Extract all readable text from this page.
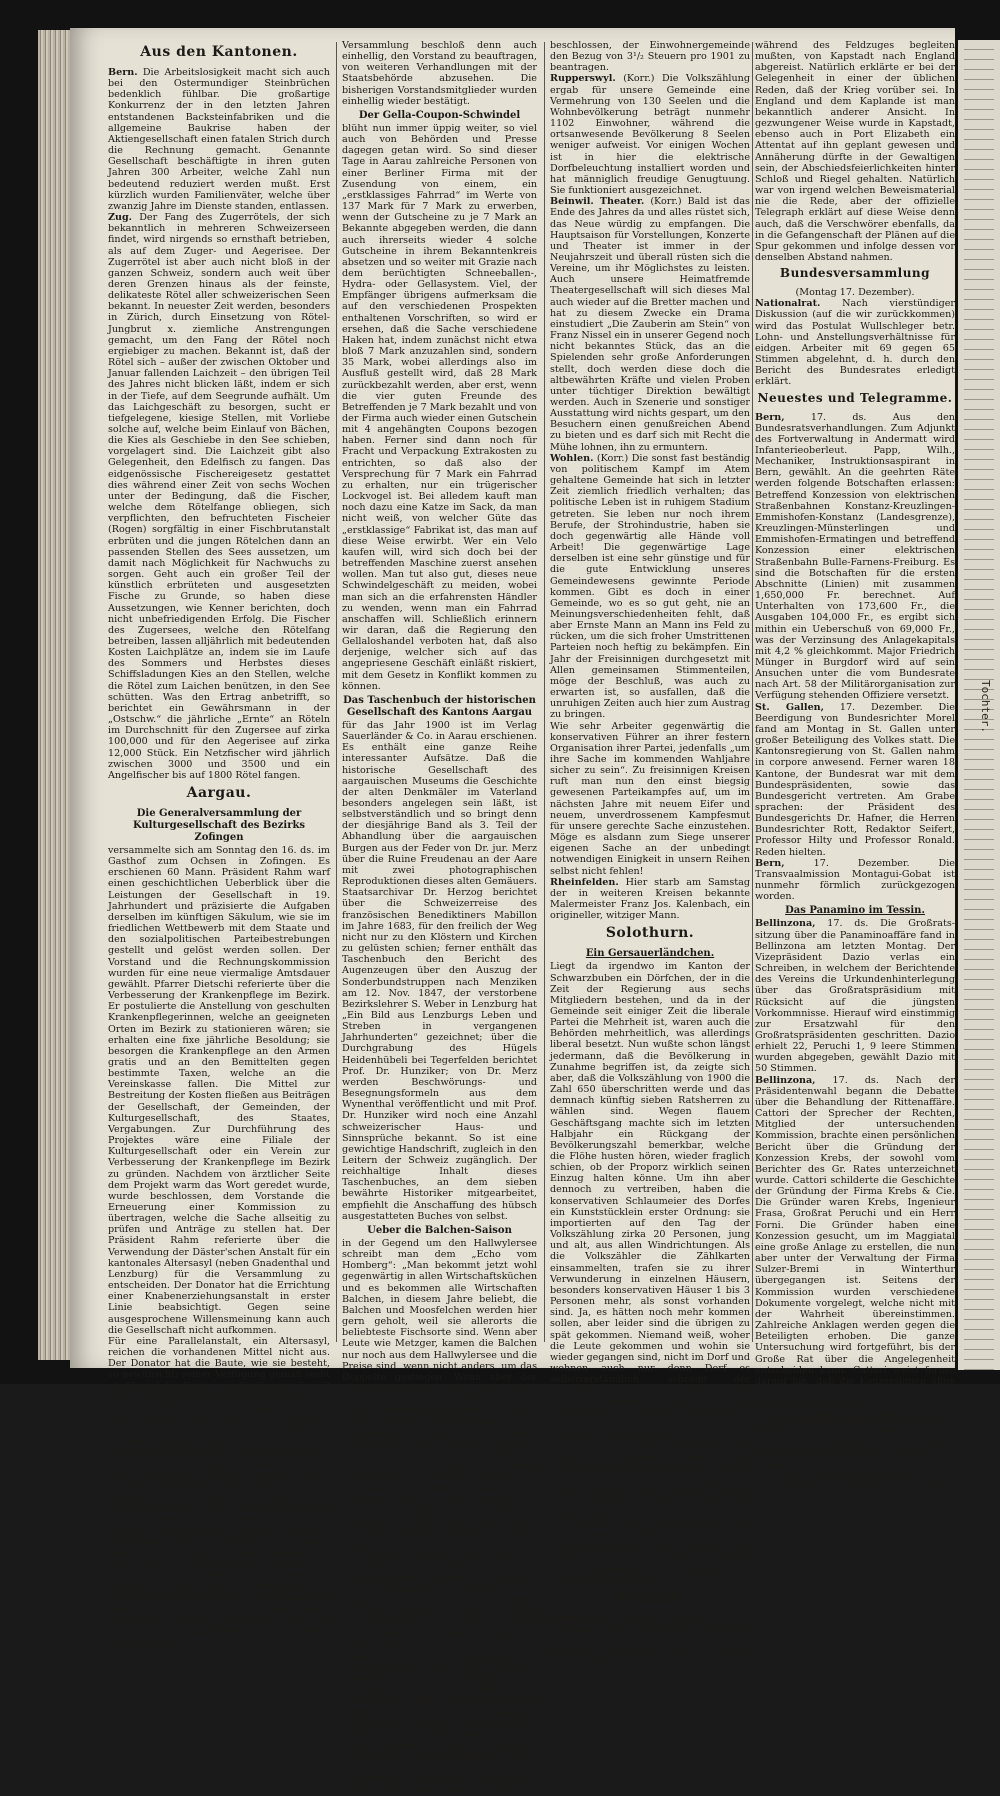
Tochter.
Aus den Kantonen.

Bern. Die Arbeitslosigkeit macht sich auch bei den Ostermundiger Steinbrüchen bedenklich fühlbar. Die großartige Konkurrenz der in den letzten Jahren entstandenen Backsteinfabriken und die allgemeine Baukrise haben der Aktiengesellschaft einen fatalen Strich durch die Rechnung gemacht. Genannte Gesellschaft beschäftigte in ihren guten Jahren 300 Arbeiter, welche Zahl nun bedeutend reduziert werden mußt. Erst kürzlich wurden Familienväter, welche über zwanzig Jahre im Dienste standen, entlassen.

Zug. Der Fang des Zugerrötels, der sich bekanntlich in mehreren Schweizerseen findet, wird nirgends so ernsthaft betrieben, als auf dem Zuger- und Aegerisee. Der Zugerrötel ist aber auch nicht bloß in der ganzen Schweiz, sondern auch weit über deren Grenzen hinaus als der feinste, delikateste Rötel aller schweizerischen Seen bekannt. In neuester Zeit werden, besonders in Zürich, durch Einsetzung von Rötel-Jungbrut x. ziemliche Anstrengungen gemacht, um den Fang der Rötel noch ergiebiger zu machen. Bekannt ist, daß der Rötel sich – außer der zwischen Oktober und Januar fallenden Laichzeit – den übrigen Teil des Jahres nicht blicken läßt, indem er sich in der Tiefe, auf dem Seegrunde aufhält. Um das Laichgeschäft zu besorgen, sucht er tiefgelegene, kiesige Stellen, mit Vorliebe solche auf, welche beim Einlauf von Bächen, die Kies als Geschiebe in den See schieben, vorgelagert sind. Die Laichzeit gibt also Gelegenheit, den Edelfisch zu fangen. Das eidgenössische Fischereigesetz gestattet dies während einer Zeit von sechs Wochen unter der Bedingung, daß die Fischer, welche dem Rötelfange obliegen, sich verpflichten, den befruchteten Fischeier (Rogen) sorgfältig in einer Fischbrutanstalt erbrüten und die jungen Rötelchen dann an passenden Stellen des Sees aussetzen, um damit nach Möglichkeit für Nachwuchs zu sorgen. Geht auch ein großer Teil der künstlich erbrüteten und ausgesetzten Fische zu Grunde, so haben diese Aussetzungen, wie Kenner berichten, doch nicht unbefriedigenden Erfolg. Die Fischer des Zugersees, welche den Rötelfang betreiben, lassen alljährlich mit bedeutenden Kosten Laichplätze an, indem sie im Laufe des Sommers und Herbstes dieses Schiffsladungen Kies an den Stellen, welche die Rötel zum Laichen benützen, in den See schütten. Was den Ertrag anbetrifft, so berichtet ein Gewährsmann in der „Ostschw.“ die jährliche „Ernte“ an Röteln im Durchschnitt für den Zugersee auf zirka 100,000 und für den Aegerisee auf zirka 12,000 Stück. Ein Netzfischer wird jährlich zwischen 3000 und 3500 und ein Angelfischer bis auf 1800 Rötel fangen.

Aargau.
Die Generalversammlung der Kulturgesellschaft des Bezirks Zofingen

versammelte sich am Sonntag den 16. ds. im Gasthof zum Ochsen in Zofingen. Es erschienen 60 Mann. Präsident Rahm warf einen geschichtlichen Ueberblick über die Leistungen der Gesellschaft in 19. Jahrhundert und präzisierte die Aufgaben derselben im künftigen Säkulum, wie sie im friedlichen Wettbewerb mit dem Staate und den sozialpolitischen Parteibestrebungen gestellt und gelöst werden sollen. Der Vorstand und die Rechnungskommission wurden für eine neue viermalige Amtsdauer gewählt. Pfarrer Dietschi referierte über die Verbesserung der Krankenpflege im Bezirk. Er postulierte die Anstellung von geschulten Krankenpflegerinnen, welche an geeigneten Orten im Bezirk zu stationieren wären; sie erhalten eine fixe jährliche Besoldung; sie besorgen die Krankenpflege an den Armen gratis und an den Bemittelten gegen bestimmte Taxen, welche an die Vereinskasse fallen. Die Mittel zur Bestreitung der Kosten fließen aus Beiträgen der Gesellschaft, der Gemeinden, der Kulturgesellschaft, des Staates, Vergabungen. Zur Durchführung des Projektes wäre eine Filiale der Kulturgesellschaft oder ein Verein zur Verbesserung der Krankenpflege im Bezirk zu gründen. Nachdem von ärztlicher Seite dem Projekt warm das Wort geredet wurde, wurde beschlossen, dem Vorstande die Erneuerung einer Kommission zu übertragen, welche die Sache allseitig zu prüfen und Anträge zu stellen hat. Der Präsident Rahm referierte über die Verwendung der Däster'schen Anstalt für ein kantonales Altersasyl (neben Gnadenthal und Lenzburg) für die Versammlung zu entscheiden. Der Donator hat die Errichtung einer Knabenerziehungsanstalt in erster Linie beabsichtigt. Gegen seine ausgesprochene Willensmeinung kann auch die Gesellschaft nicht aufkommen.

Für eine Parallelanstalt, ein Altersasyl, reichen die vorhandenen Mittel nicht aus. Der Donator hat die Baute, wie sie besteht, so gewünscht; seiner Verfügung gemäß steht ein Viertel der Kosten zur Verfügung. Es soll das Geld unproduktiv verwendet werden, so ist dies nicht Schuld der Anstaltsbehörden, die lediglich seinen Willen zu vollziehen hatten. Die bestehende Knabenerziehungsanstalt hat noch 3 Jahren Wirksamkeit noch nicht so erstarkt, daß eine Parallelanstalt mit gutem Gewissen durch die Gesellschaft errichtet werden könnte. Bauten und Einrichtungen würden zu große Summen verschlingen, welche die Kulturgesellschaft ohne Beeinträchtigung der Interessen der bisherigen Anstalt nicht flüssig machen könnte. Wenn zahlreiche Erziehungsanstalten bestehen, so wären ganze staatsbeiträge und Gemeindebeiträge nötig für die Däster'sche Anstalt. Die Versammlung beschloß in diesem Sinne. Das Interesse für die Anstalt ist gewachsen. Die Kulturgesellschaft hat daher ihr Interesse zu fördern, die Leitung der Anstalt bleibt unverändert und im bisherigen Sinne. Es kam noch eine Anzahl kleinerer Traktanden zur Erledigung.

Versammlung beschloß denn auch einhellig, den Vorstand zu beauftragen, von weiteren Verhandlungen mit der Staatsbehörde abzusehen. Die bisherigen Vorstandsmitglieder wurden einhellig wieder bestätigt.

Der Gella-Coupon-Schwindel

blüht nun immer üppig weiter, so viel auch von Behörden und Presse dagegen getan wird. So sind dieser Tage in Aarau zahlreiche Personen von einer Berliner Firma mit der Zusendung von einem, ein „erstklassiges Fahrrad“ im Werte von 137 Mark für 7 Mark zu erwerben, wenn der Gutscheine zu je 7 Mark an Bekannte abgegeben werden, die dann auch ihrerseits wieder 4 solche Gutscheine in ihrem Bekanntenkreis absetzen und so weiter mit Grazie nach dem berüchtigten Schneeballen-, Hydra- oder Gellasystem. Viel, der Empfänger übrigens aufmerksam die auf den verschiedenen Prospekten enthaltenen Vorschriften, so wird er ersehen, daß die Sache verschiedene Haken hat, indem zunächst nicht etwa bloß 7 Mark anzuzahlen sind, sondern 35 Mark, wobei allerdings also im Ausfluß gestellt wird, daß 28 Mark zurückbezahlt werden, aber erst, wenn die vier guten Freunde des Betreffenden je 7 Mark bezahlt und von der Firma auch wieder einen Gutschein mit 4 angehängten Coupons bezogen haben. Ferner sind dann noch für Fracht und Verpackung Extrakosten zu entrichten, so daß also der Versprechung für 7 Mark ein Fahrrad zu erhalten, nur ein trügerischer Lockvogel ist. Bei alledem kauft man noch dazu eine Katze im Sack, da man nicht weiß, von welcher Güte das „erstklassige“ Fabrikat ist, das man auf diese Weise erwirbt. Wer ein Velo kaufen will, wird sich doch bei der betreffenden Maschine zuerst ansehen wollen. Man tut also gut, dieses neue Schwindelgeschäft zu meiden, wobei man sich an die erfahrensten Händler zu wenden, wenn man ein Fahrrad anschaffen will. Schließlich erinnern wir daran, daß die Regierung den Gellaloshandel verboten hat, daß also derjenige, welcher sich auf das angepriesene Geschäft einläßt riskiert, mit dem Gesetz in Konflikt kommen zu können.

Das Taschenbuch der historischen Gesellschaft des Kantons Aargau

für das Jahr 1900 ist im Verlag Sauerländer & Co. in Aarau erschienen. Es enthält eine ganze Reihe interessanter Aufsätze. Daß die historische Gesellschaft des aargauischen Museums die Geschichte der alten Denkmäler im Vaterland besonders angelegen sein läßt, ist selbstverständlich und so bringt denn der diesjährige Band als 3. Teil der Abhandlung über die aargauischen Burgen aus der Feder von Dr. jur. Merz über die Ruine Freudenau an der Aare mit zwei photographischen Reproduktionen dieses alten Gemäuers. Staatsarchivar Dr. Herzog berichtet über die Schweizerreise des französischen Benediktiners Mabillon im Jahre 1683, für den freilich der Weg nicht nur zu den Klöstern und Kirchen zu gelüsten schien; ferner enthält das Taschenbuch den Bericht des Augenzeugen über den Auszug der Sonderbundstruppen nach Menziken am 12. Nov. 1847, der verstorbene Bezirkslehrer S. Weber in Lenzburg hat „Ein Bild aus Lenzburgs Leben und Streben in vergangenen Jahrhunderten“ gezeichnet; über die Durchgrabung des Hügels Heidenhübeli bei Tegerfelden berichtet Prof. Dr. Hunziker; von Dr. Merz werden Beschwörungs- und Besegnungsformeln aus dem Wynenthal veröffentlicht und mit Prof. Dr. Hunziker wird noch eine Anzahl schweizerischer Haus- und Sinnsprüche bekannt. So ist eine gewichtige Handschrift, zugleich in den Leitern der Schweiz zugänglich. Der reichhaltige Inhalt dieses Taschenbuches, an dem sieben bewährte Historiker mitgearbeitet, empfiehlt die Anschaffung des hübsch ausgestatteten Buches von selbst.

Ueber die Balchen-Saison

in der Gegend um den Hallwylersee schreibt man dem „Echo vom Homberg“: „Man bekommt jetzt wohl gegenwärtig in allen Wirtschaftsküchen und es bekommen alle Wirtschaften Balchen, in diesem Jahre beliebt, die Balchen und Moosfelchen werden hier gern geholt, weil sie allerorts die beliebteste Fischsorte sind. Wenn aber Leute wie Metzger, kamen die Balchen nur noch aus dem Hallwylersee und die Preise sind, wenn nicht anders, um das Doppelte gestiegen. Wenn aber der Fischhandel diesem Wirte oder jenem Fischer das Balchen auch nur einen kleinen Preisnachlass anbot, so kamen schon wieder Bestellungen. Das Balchenessen ist aber in der ganzen Gegend einer der schönsten Genüsse. Man weiß, daß der Balchen dort erst und nur im Winter so recht schmackhaft ist. Wo die Balchen von Meisterschaft gefischt werden, da beten die Leute so zum Himmel, daß doch gute Balchenjahre kommen möchten. Vor 10 Jahren noch kaufte man das Pfund Balchen zu 50–60 Rappen, während heute 90 Rp. und 1 Fr. bezahlt werden. Seit sie ein bekannter, auch unserer Gegend stammender Wirt in Bern den National- und Ständeräten verraten und vorgestellt hat, wird jetzt die Balchen per Stück bezahlt, da sind die Preise noch gestiegen und es wird auch nicht helfen, wenn die Balchen nur selten zu haben sind.

Aarau Aus den Verhandlungen des Gemeinderates vom 14. Dez. 1900. Die Entwürfe der Voranschläge der Gemeinde- verwaltung für 1901 werden durchberaten und festgestellt und mit Rücksicht auf den sich ergebenden Fehlbetrag, welcher hauptsächlich durch die Erweiterung des Elektrizitätswerkes und die elektrische Straßenbahn Aarau-Schöftland, durch die Hochdruckwasserfassung und die notwendige Erhöhung verschiedener Posten im Bauwesen bedingt erscheint,

beschlossen, der Einwohnergemeinde den Bezug von 3¹/₂ Steuern pro 1901 zu beantragen.

Rupperswyl. (Korr.) Die Volkszählung ergab für unsere Gemeinde eine Vermehrung von 130 Seelen und die Wohnbevölkerung beträgt nunmehr 1102 Einwohner, während die ortsanwesende Bevölkerung 8 Seelen weniger aufweist. Vor einigen Wochen ist in hier die elektrische Dorfbeleuchtung installiert worden und hat männiglich freudige Genugtuung. Sie funktioniert ausgezeichnet.

Beinwil. Theater. (Korr.) Bald ist das Ende des Jahres da und alles rüstet sich, das Neue würdig zu empfangen. Die Hauptsaison für Vorstellungen, Konzerte und Theater ist immer in der Neujahrszeit und überall rüsten sich die Vereine, um ihr Möglichstes zu leisten. Auch unsere Heimatfremde Theatergesellschaft will sich dieses Mal auch wieder auf die Bretter machen und hat zu diesem Zwecke ein Drama einstudiert „Die Zauberin am Stein“ von Franz Nissel ein in unserer Gegend noch nicht bekanntes Stück, das an die Spielenden sehr große Anforderungen stellt, doch werden diese doch die altbewährten Kräfte und vielen Proben unter tüchtiger Direktion bewältigt werden. Auch in Szenerie und sonstiger Ausstattung wird nichts gespart, um den Besuchern einen genußreichen Abend zu bieten und es darf sich mit Recht die Mühe lohnen, ihn zu ermuntern.

Wohlen. (Korr.) Die sonst fast beständig von politischem Kampf im Atem gehaltene Gemeinde hat sich in letzter Zeit ziemlich friedlich verhalten; das politische Leben ist in ruhigem Stadium getreten. Sie leben nur noch ihrem Berufe, der Strohindustrie, haben sie doch gegenwärtig alle Hände voll Arbeit! Die gegenwärtige Lage derselben ist eine sehr günstige und für die gute Entwicklung unseres Gemeindewesens gewinnte Periode kommen. Gibt es doch in einer Gemeinde, wo es so gut geht, nie an Meinungsverschiedenheiten fehlt, daß aber Ernste Mann an Mann ins Feld zu rücken, um die sich froher Umstrittenen Parteien noch heftig zu bekämpfen. Ein Jahr der Freisinnigen durchgesetzt mit Allen gemeinsamen Stimmenteilen, möge der Beschluß, was auch zu erwarten ist, so ausfallen, daß die unruhigen Zeiten auch hier zum Austrag zu bringen.

Wie sehr Arbeiter gegenwärtig die konservativen Führer an ihrer festern Organisation ihrer Partei, jedenfalls „um ihre Sache im kommenden Wahljahre sicher zu sein“. Zu freisinnigen Kreisen ruft man nun den einst biegsig gewesenen Parteikampfes auf, um im nächsten Jahre mit neuem Eifer und neuem, unverdrossenem Kampfesmut für unsere gerechte Sache einzustehen. Möge es alsdann zum Siege unserer eigenen Sache an der unbedingt notwendigen Einigkeit in unsern Reihen selbst nicht fehlen!

Rheinfelden. Hier starb am Samstag der in weiteren Kreisen bekannte Malermeister Franz Jos. Kalenbach, ein origineller, witziger Mann.

Solothurn.
Ein Gersauerländchen.

Liegt da irgendwo im Kanton der Schwarzbuben ein Dörfchen, der in die Zeit der Regierung aus sechs Mitgliedern bestehen, und da in der Gemeinde seit einiger Zeit die liberale Partei die Mehrheit ist, waren auch die Behörden mehrheitlich, was allerdings liberal besetzt. Nun wußte schon längst jedermann, daß die Bevölkerung in Zunahme begriffen ist, da zeigte sich aber, daß die Volkszählung von 1900 die Zahl 650 überschritten werde und das demnach künftig sieben Ratsherren zu wählen sind. Wegen flauem Geschäftsgang machte sich im letzten Halbjahr ein Rückgang der Bevölkerungszahl bemerkbar, welche die Flöhe husten hören, wieder fraglich schien, ob der Proporz wirklich seinen Einzug halten könne. Um ihn aber dennoch zu vertreiben, haben die konservativen Schlaumeier des Dorfes ein Kunststücklein erster Ordnung: sie importierten auf den Tag der Volkszählung zirka 20 Personen, jung und alt, aus allen Windrichtungen. Als die Volkszähler die Zählkarten einsammelten, trafen sie zu ihrer Verwunderung in einzelnen Häusern, besonders konservativen Häuser 1 bis 3 Personen mehr, als sonst vorhanden sind. Ja, es hätten noch mehr kommen sollen, aber leider sind die übrigen zu spät gekommen. Niemand weiß, woher die Leute gekommen und wohin sie wieder gegangen sind, nicht im Dorf und wohnen auch nur denn Dorf es selbstverständlich, schreibt der „Birsbote“, daß man wahrlich allzu schwere Bedenken tragen muß, die Bevölkerung zu zählen, welche unter Umständen nicht selbständig ihre Zählung zu Stande bringen.

Es sind doch bis Mordsfeier die konservativen Ratsherren nicht in dem Gemeinderat erwünscht worden, so daß das Dörfchen nun mit dem Stimmzettel einen sicheren Sieg erreichen könnte. Wir wünschen ihnen, daß die Schwarzbuben nicht zu sehr verlieren, und für alle Zeiten dem Proporz den Zutritt versperrt wird. Wie ein gesunder Bevölkerungsstand bald erwiesen sein wird, so wird auch dieses Gersauerländchen dem Fortschritt sich nicht entziehen können.

Ausland.

Südafrika. Lord Roberts feierte am 12. Dezember das 50-jährige Jubiläum seines Eintrittes in die Armee. Er ist am Dienstag mit seiner Frau und seinen beiden Töchtern, die ihn

während des Feldzuges begleiten mußten, von Kapstadt nach England abgereist. Natürlich erklärte er bei der Gelegenheit in einer der üblichen Reden, daß der Krieg vorüber sei. In England und dem Kaplande ist man bekanntlich anderer Ansicht. In gezwungener Weise wurde in Kapstadt, ebenso auch in Port Elizabeth ein Attentat auf ihn geplant gewesen und Annäherung dürfte in der Gewaltigen sein, der Abschiedsfeierlichkeiten hinter Schloß und Riegel gehalten. Natürlich war von irgend welchen Beweismaterial nie die Rede, aber der offizielle Telegraph erklärt auf diese Weise denn auch, daß die Verschwörer ebenfalls, da in die Gefangenschaft der Plänen auf die Spur gekommen und infolge dessen vor denselben Abstand nahmen.

Bundesversammlung

(Montag 17. Dezember).

Nationalrat. Nach vierstündiger Diskussion (auf die wir zurückkommen) wird das Postulat Wullschleger betr. Lohn- und Anstellungsverhältnisse für eidgen. Arbeiter mit 69 gegen 65 Stimmen abgelehnt, d. h. durch den Bericht des Bundesrates erledigt erklärt.

Neuestes und Telegramme.

Bern,	17. ds. Aus den Bundesratsverhandlungen. Zum Adjunkt des Fortverwaltung in Andermatt wird Infanterieoberleut. Papp, Wilh., Mechaniker, Instruktionsaspirant in Bern, gewählt. An die geehrten Räte werden folgende Botschaften erlassen: Betreffend Konzession von elektrischen Straßenbahnen Konstanz-Kreuzlingen-Emmishofen-Konstanz (Landesgrenze), Kreuzlingen-Münsterlingen und Emmishofen-Ermatingen und betreffend Konzession einer elektrischen Straßenbahn Bulle-Farnens-Freiburg. Es sind die Botschaften für die ersten Abschnitte (Linien) mit zusammen 1,650,000 Fr. berechnet. Auf Unterhalten von 173,600 Fr., die Ausgaben 104,000 Fr., es ergibt sich mithin ein Ueberschuß von 69,000 Fr., was der Verzinsung des Anlagekapitals mit 4,2 % gleichkommt. Major Friedrich Münger in Burgdorf wird auf sein Ansuchen unter die vom Bundesrate nach Art. 58 der Militärorganisation zur Verfügung stehenden Offiziere versetzt.

St. Gallen, 17. Dezember. Die Beerdigung von Bundesrichter Morel fand am Montag in St. Gallen unter großer Beteiligung des Volkes statt. Die Kantonsregierung von St. Gallen nahm in corpore anwesend. Ferner waren 18 Kantone, der Bundesrat war mit dem Bundespräsidenten, sowie das Bundesgericht vertreten. Am Grabe sprachen: der Präsident des Bundesgerichts Dr. Hafner, die Herren Bundesrichter Rott, Redaktor Seifert, Professor Hilty und Professor Ronald. Reden hielten.

Bern,	17. Dezember. Die Transvaalmission Montagui-Gobat ist nunmehr förmlich zurückgezogen worden.

Das Panamino im Tessin.

Bellinzona, 17. ds. Die Großrats-sitzung über die Panaminoaffäre fand in Bellinzona am letzten Montag. Der Vizepräsident Dazio verlas ein Schreiben, in welchem der Berichtende des Vereins die Urkundenhinterlegung über das Großratspräsidium mit Rücksicht auf die jüngsten Vorkommnisse. Hierauf wird einstimmig zur Ersatzwahl für den Großratspräsidenten geschritten. Dazio erhielt 22, Peruchi 1, 9 leere Stimmen wurden abgegeben, gewählt Dazio mit 50 Stimmen.

Bellinzona, 17. ds. Nach der Präsidentenwahl begann die Debatte über die Behandlung der Rittenaffäre. Cattori der Sprecher der Rechten, Mitglied der untersuchenden Kommission, brachte einen persönlichen Bericht über die Gründung der Konzession Krebs, der sowohl vom Berichter des Gr. Rates unterzeichnet wurde. Cattori schilderte die Geschichte der Gründung der Firma Krebs & Cie. Die Gründer waren Krebs, Ingenieur Frasa, Großrat Peruchi und ein Herr Forni. Die Gründer haben eine Konzession gesucht, um im Maggiatal eine große Anlage zu erstellen, die nun aber unter der Verwaltung der Firma Sulzer-Bremi in Winterthur übergegangen ist. Seitens der Kommission wurden verschiedene Dokumente vorgelegt, welche nicht mit der Wahrheit übereinstimmen. Zahlreiche Anklagen werden gegen die Beteiligten erhoben. Die ganze Untersuchung wird fortgeführt, bis der Große Rat über die Angelegenheit entscheiden kann. Cattori weist ferner darauf hin, daß die Konzessionen ohne gehörige Prüfung erteilt wurden. Morgen Weiterberatung.

Unglücksfälle und Verbrechen.

Paris, 17. ds. Die Polizei hat letzte Nacht 480 Personen verhaftet unter dem Verdachte, mit dem Verbrechen an einem jungen Mädchen in Verbindung zu stehen. Eine Belohnung von 500 Fr. wird demjenigen versprochen, der Aus-
